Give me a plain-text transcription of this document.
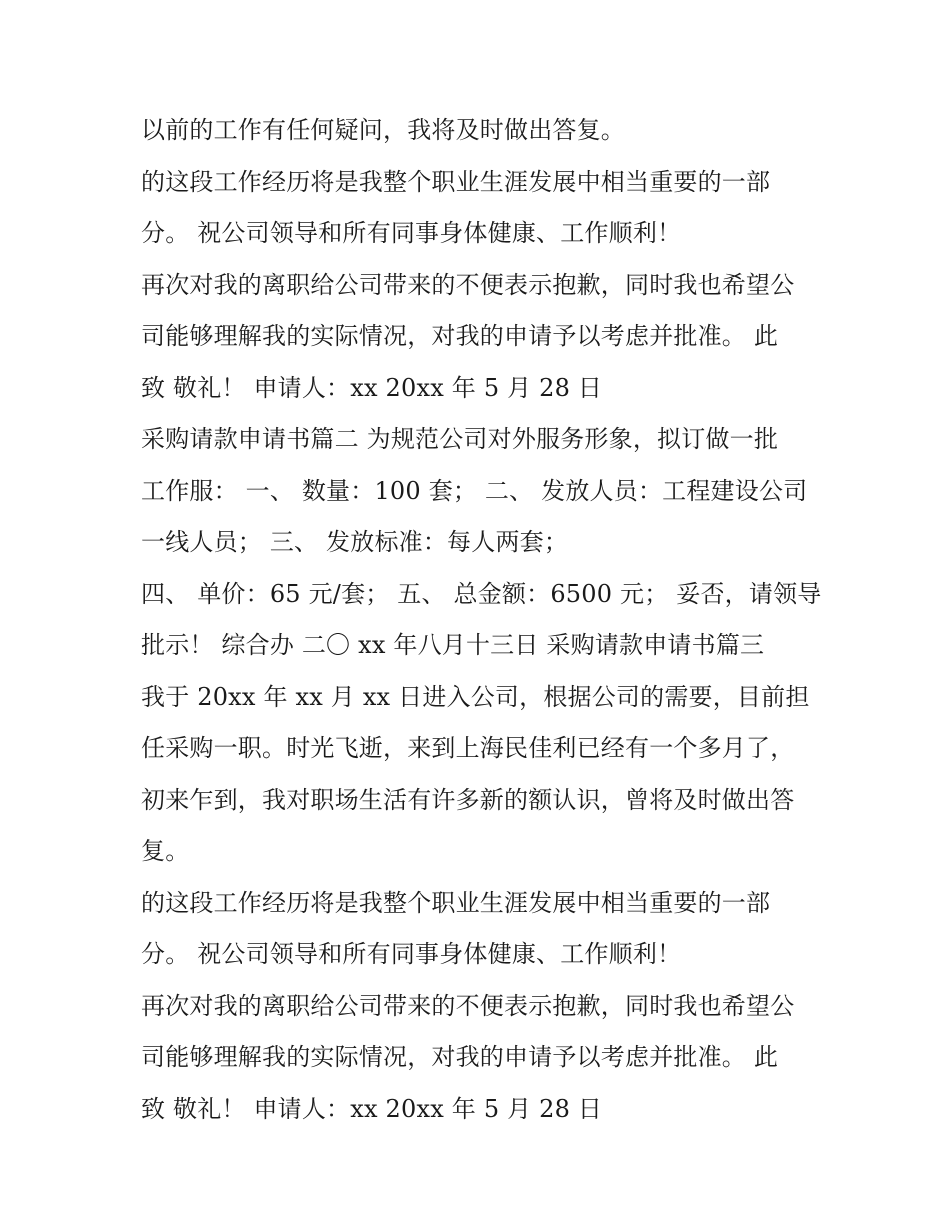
以前的工作有任何疑问，我将及时做出答复。
的这段工作经历将是我整个职业生涯发展中相当重要的一部
分。 祝公司领导和所有同事身体健康、工作顺利！
再次对我的离职给公司带来的不便表示抱歉，同时我也希望公
司能够理解我的实际情况，对我的申请予以考虑并批准。 此
致 敬礼！ 申请人：xx 20xx 年 5 月 28 日
采购请款申请书篇二 为规范公司对外服务形象，拟订做一批
工作服： 一、 数量：100 套； 二、 发放人员：工程建设公司
一线人员； 三、 发放标准：每人两套；
四、 单价：65 元/套； 五、 总金额：6500 元； 妥否，请领导
批示！ 综合办 二〇 xx 年八月十三日 采购请款申请书篇三
我于 20xx 年 xx 月 xx 日进入公司，根据公司的需要，目前担
任采购一职。时光飞逝，来到上海民佳利已经有一个多月了，
初来乍到，我对职场生活有许多新的额认识，曾将及时做出答
复。
的这段工作经历将是我整个职业生涯发展中相当重要的一部
分。 祝公司领导和所有同事身体健康、工作顺利！
再次对我的离职给公司带来的不便表示抱歉，同时我也希望公
司能够理解我的实际情况，对我的申请予以考虑并批准。 此
致 敬礼！ 申请人：xx 20xx 年 5 月 28 日
